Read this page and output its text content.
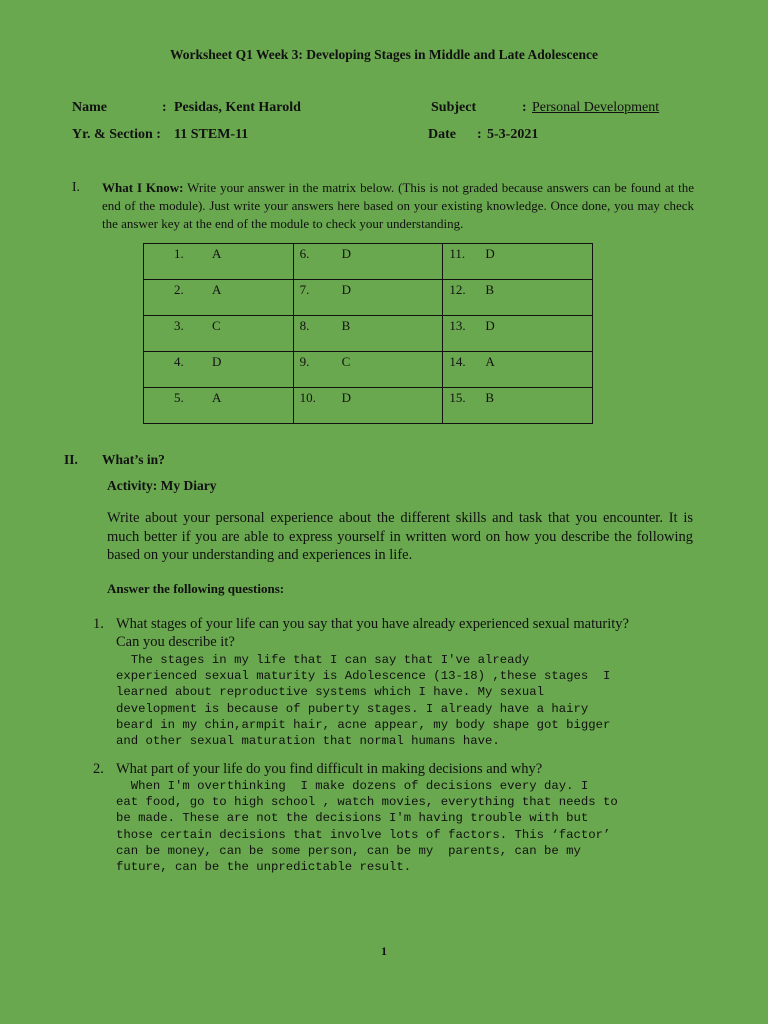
Worksheet Q1 Week 3: Developing Stages in Middle and Late Adolescence
Name	: Pesidas, Kent Harold	Subject	: Personal Development
Yr. & Section : 11 STEM-11	Date : 5-3-2021
I. What I Know: Write your answer in the matrix below. (This is not graded because answers can be found at the end of the module). Just write your answers here based on your existing knowledge. Once done, you may check the answer key at the end of the module to check your understanding.
1. A	6. D	11. D
2. A	7. D	12. B
3. C	8. B	13. D
4. D	9. C	14. A
5. A	10. D	15. B
II. What’s in?
Activity: My Diary
Write about your personal experience about the different skills and task that you encounter. It is much better if you are able to express yourself in written word on how you describe the following based on your understanding and experiences in life.
Answer the following questions:
1. What stages of your life can you say that you have already experienced sexual maturity?
Can you describe it?
The stages in my life that I can say that I've already
experienced sexual maturity is Adolescence (13-18) ,these stages  I
learned about reproductive systems which I have. My sexual
development is because of puberty stages. I already have a hairy
beard in my chin,armpit hair, acne appear, my body shape got bigger
and other sexual maturation that normal humans have.
2. What part of your life do you find difficult in making decisions and why?
When I'm overthinking  I make dozens of decisions every day. I
eat food, go to high school , watch movies, everything that needs to
be made. These are not the decisions I'm having trouble with but
those certain decisions that involve lots of factors. This ‘factor’
can be money, can be some person, can be my  parents, can be my
future, can be the unpredictable result.
1
